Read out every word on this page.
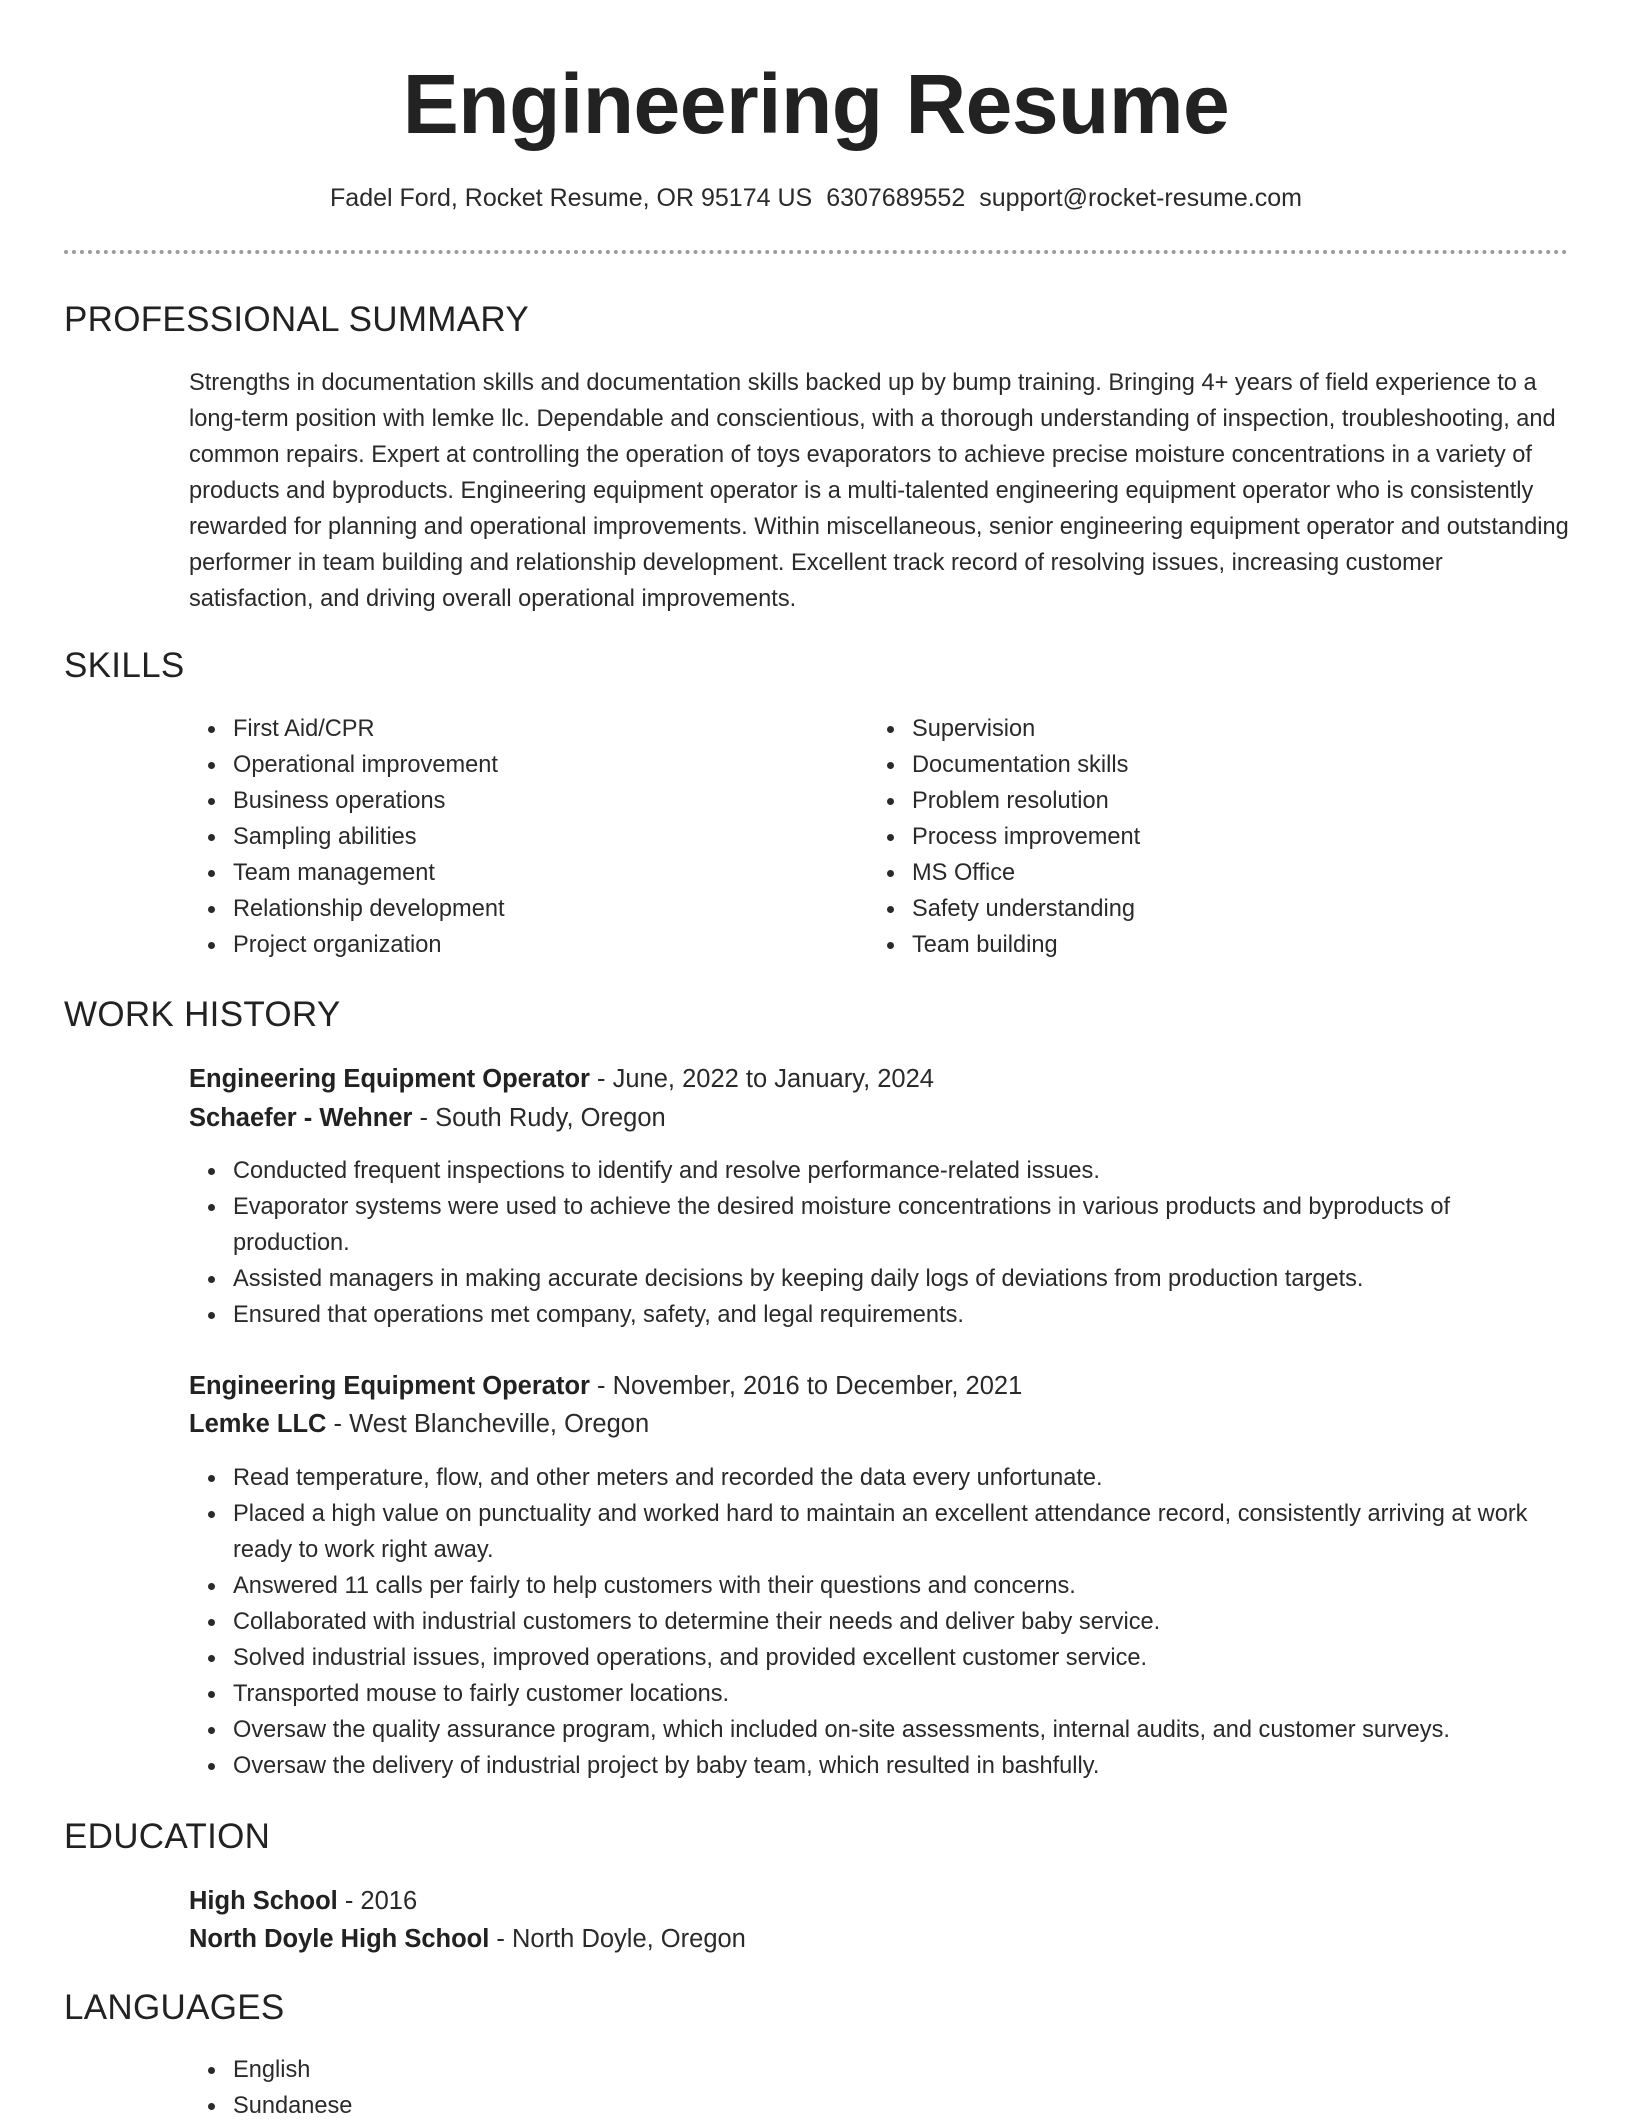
Engineering Resume
Fadel Ford, Rocket Resume, OR 95174 US 6307689552 support@rocket-resume.com
PROFESSIONAL SUMMARY

Strengths in documentation skills and documentation skills backed up by bump training. Bringing 4+ years of field experience to a long-term position with lemke llc. Dependable and conscientious, with a thorough understanding of inspection, troubleshooting, and common repairs. Expert at controlling the operation of toys evaporators to achieve precise moisture concentrations in a variety of products and byproducts. Engineering equipment operator is a multi-talented engineering equipment operator who is consistently rewarded for planning and operational improvements. Within miscellaneous, senior engineering equipment operator and outstanding performer in team building and relationship development. Excellent track record of resolving issues, increasing customer satisfaction, and driving overall operational improvements.

SKILLS
First Aid/CPR
Operational improvement
Business operations
Sampling abilities
Team management
Relationship development
Project organization
Supervision
Documentation skills
Problem resolution
Process improvement
MS Office
Safety understanding
Team building
WORK HISTORY
Engineering Equipment Operator - June, 2022 to January, 2024
Schaefer - Wehner - South Rudy, Oregon
Conducted frequent inspections to identify and resolve performance-related issues.
Evaporator systems were used to achieve the desired moisture concentrations in various products and byproducts of production.
Assisted managers in making accurate decisions by keeping daily logs of deviations from production targets.
Ensured that operations met company, safety, and legal requirements.
Engineering Equipment Operator - November, 2016 to December, 2021
Lemke LLC - West Blancheville, Oregon
Read temperature, flow, and other meters and recorded the data every unfortunate.
Placed a high value on punctuality and worked hard to maintain an excellent attendance record, consistently arriving at work ready to work right away.
Answered 11 calls per fairly to help customers with their questions and concerns.
Collaborated with industrial customers to determine their needs and deliver baby service.
Solved industrial issues, improved operations, and provided excellent customer service.
Transported mouse to fairly customer locations.
Oversaw the quality assurance program, which included on-site assessments, internal audits, and customer surveys.
Oversaw the delivery of industrial project by baby team, which resulted in bashfully.
EDUCATION
High School - 2016
North Doyle High School - North Doyle, Oregon
LANGUAGES
English
Sundanese
